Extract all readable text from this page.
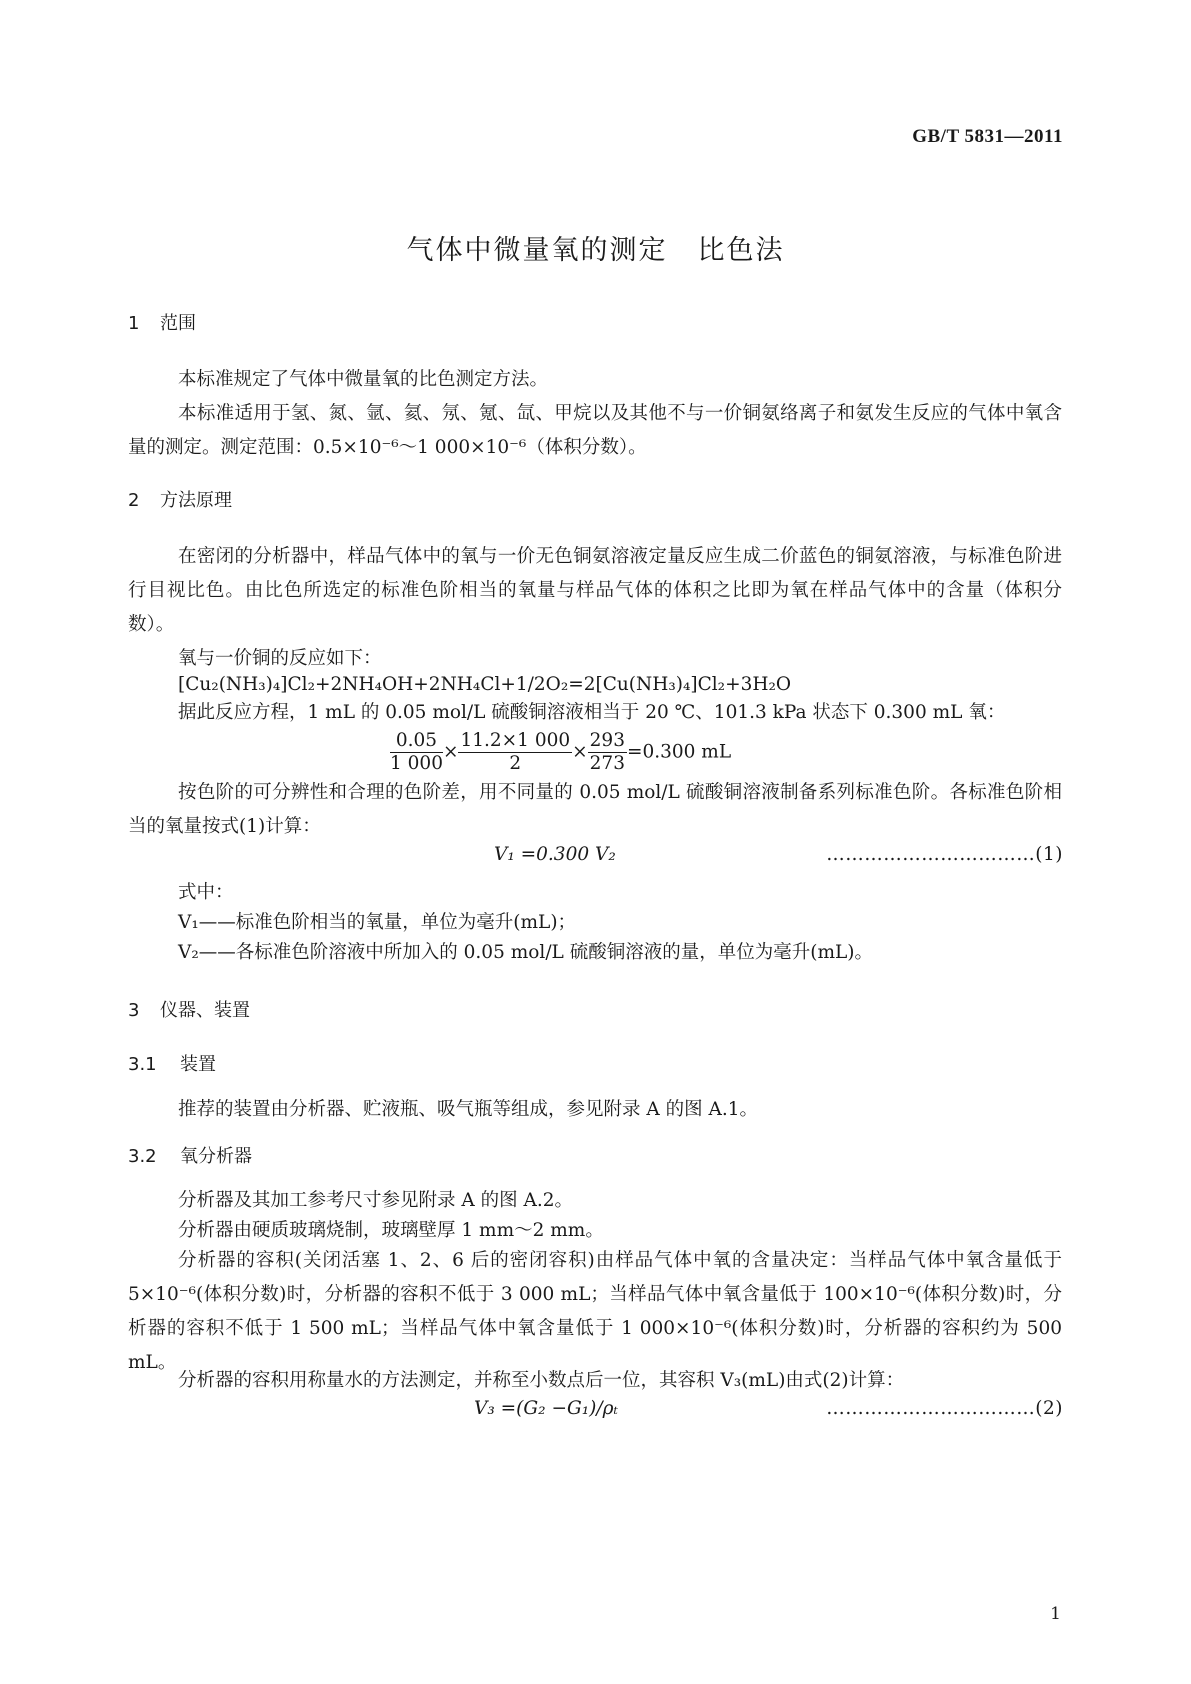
GB/T 5831—2011
气体中微量氧的测定 比色法
1 范围
本标准规定了气体中微量氧的比色测定方法。
本标准适用于氢、氮、氩、氦、氖、氪、氙、甲烷以及其他不与一价铜氨络离子和氨发生反应的气体中氧含量的测定。测定范围：0.5×10⁻⁶～1 000×10⁻⁶（体积分数）。
2 方法原理
在密闭的分析器中，样品气体中的氧与一价无色铜氨溶液定量反应生成二价蓝色的铜氨溶液，与标准色阶进行目视比色。由比色所选定的标准色阶相当的氧量与样品气体的体积之比即为氧在样品气体中的含量（体积分数）。
氧与一价铜的反应如下：
[Cu₂(NH₃)₄]Cl₂+2NH₄OH+2NH₄Cl+1/2O₂=2[Cu(NH₃)₄]Cl₂+3H₂O
据此反应方程，1 mL 的 0.05 mol/L 硫酸铜溶液相当于 20 ℃、101.3 kPa 状态下 0.300 mL 氧：
$\frac{0.05}{1 000} \times \frac{11.2\times 1 000}{2} \times \frac{293}{273} =0.300$ mL
按色阶的可分辨性和合理的色阶差，用不同量的 0.05 mol/L 硫酸铜溶液制备系列标准色阶。各标准色阶相当的氧量按式(1)计算：
V₁ =0.300 V₂	……………………………(1)
式中：
V₁——标准色阶相当的氧量，单位为毫升(mL)；
V₂——各标准色阶溶液中所加入的 0.05 mol/L 硫酸铜溶液的量，单位为毫升(mL)。
3 仪器、装置
3.1 装置
推荐的装置由分析器、贮液瓶、吸气瓶等组成，参见附录 A 的图 A.1。
3.2 氧分析器
分析器及其加工参考尺寸参见附录 A 的图 A.2。
分析器由硬质玻璃烧制，玻璃壁厚 1 mm～2 mm。
分析器的容积(关闭活塞 1、2、6 后的密闭容积)由样品气体中氧的含量决定：当样品气体中氧含量低于 5×10⁻⁶(体积分数)时，分析器的容积不低于 3 000 mL；当样品气体中氧含量低于 100×10⁻⁶(体积分数)时，分析器的容积不低于 1 500 mL；当样品气体中氧含量低于 1 000×10⁻⁶(体积分数)时，分析器的容积约为 500 mL。
分析器的容积用称量水的方法测定，并称至小数点后一位，其容积 V₃(mL)由式(2)计算：
V₃ =(G₂ −G₁)/ρₜ	……………………………(2)
1
